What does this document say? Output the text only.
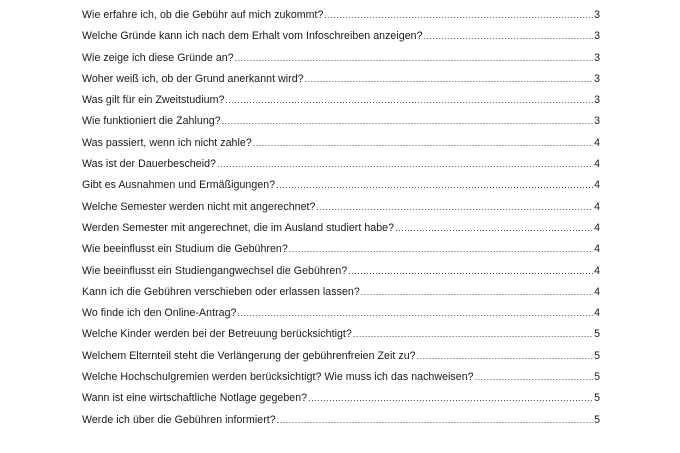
Wie erfahre ich, ob die Gebühr auf mich zukommt? .....	3
Welche Gründe kann ich nach dem Erhalt vom Infoschreiben anzeigen? .....	3
Wie zeige ich diese Gründe an? .....	3
Woher weiß ich, ob der Grund anerkannt wird? .....	3
Was gilt für ein Zweitstudium? .....	3
Wie funktioniert die Zahlung? .....	3
Was passiert, wenn ich nicht zahle? .....	4
Was ist der Dauerbescheid? .....	4
Gibt es Ausnahmen und Ermäßigungen? .....	4
Welche Semester werden nicht mit angerechnet? .....	4
Werden Semester mit angerechnet, die im Ausland studiert habe? .....	4
Wie beeinflusst ein Studium die Gebühren? .....	4
Wie beeinflusst ein Studiengangwechsel die Gebühren? .....	4
Kann ich die Gebühren verschieben oder erlassen lassen? .....	4
Wo finde ich den Online-Antrag? .....	4
Welche Kinder werden bei der Betreuung berücksichtigt? .....	5
Welchem Elternteil steht die Verlängerung der gebührenfreien Zeit zu? .....	5
Welche Hochschulgremien werden berücksichtigt? Wie muss ich das nachweisen? .....	5
Wann ist eine wirtschaftliche Notlage gegeben? .....	5
Werde ich über die Gebühren informiert? .....	5
